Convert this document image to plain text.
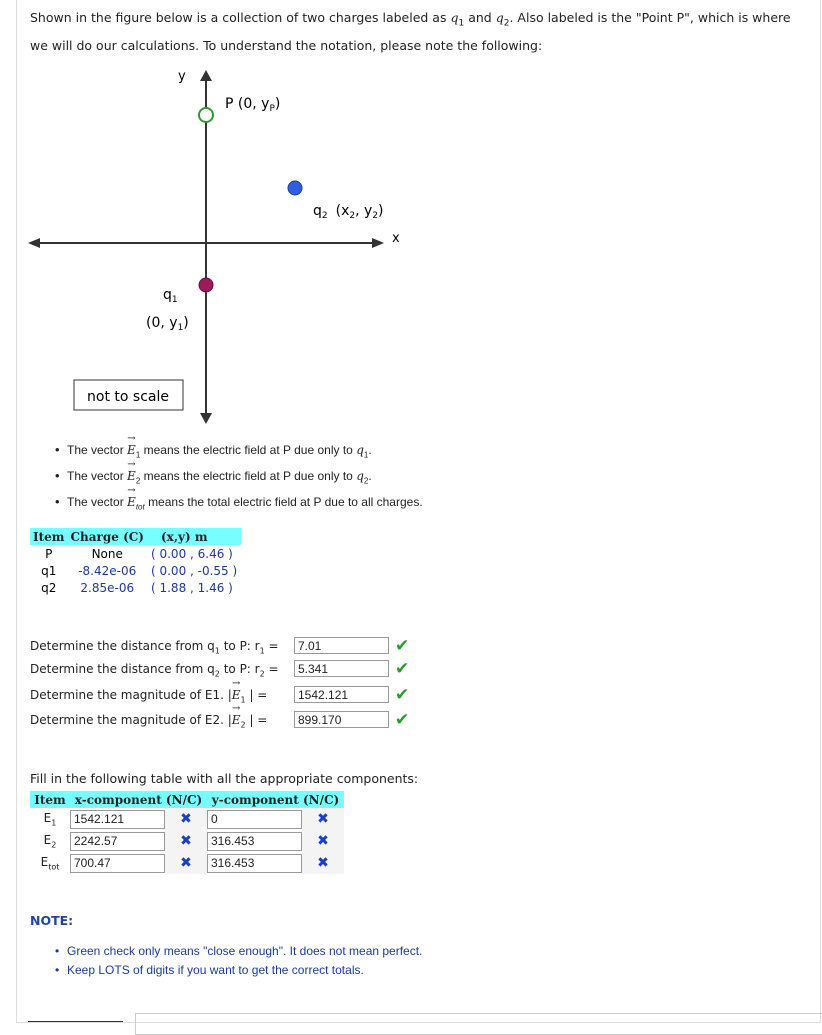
Shown in the figure below is a collection of two charges labeled as $q_1$ and $q_2$. Also labeled is the "Point P", which is where we will do our calculations. To understand the notation, please note the following:
y
x
P (0, $y_P$)
$q_2$ ($x_2$, $y_2$)
$q_1$
(0, $y_1$)
not to scale
• The vector → $E_1$ means the electric field at P due only to $q_1$.
• The vector → $E_2$ means the electric field at P due only to $q_2$.
• The vector → $E_{tot}$ means the total electric field at P due to all charges.
Item	Charge (C)	(x,y) m
P	None	( 0.00 , 6.46 )
q1	-8.42e-06	( 0.00 , -0.55 )
q2	2.85e-06	( 1.88 , 1.46 )
Determine the distance from $q_1$ to P: $r_1$ =
7.01	✔
Determine the distance from $q_2$ to P: $r_2$ =
5.341	✔
Determine the magnitude of E1. |→ $E_1$ | =
1542.121	✔
Determine the magnitude of E2. |→ $E_2$ | =
899.170	✔
Fill in the following table with all the appropriate components:
Item	x-component (N/C)		y-component (N/C)	
$E_1$	1542.121	✖	0	✖
$E_2$	2242.57	✖	316.453	✖
$E_{tot}$	700.47	✖	316.453	✖
NOTE:
• Green check only means "close enough". It does not mean perfect.
• Keep LOTS of digits if you want to get the correct totals.
